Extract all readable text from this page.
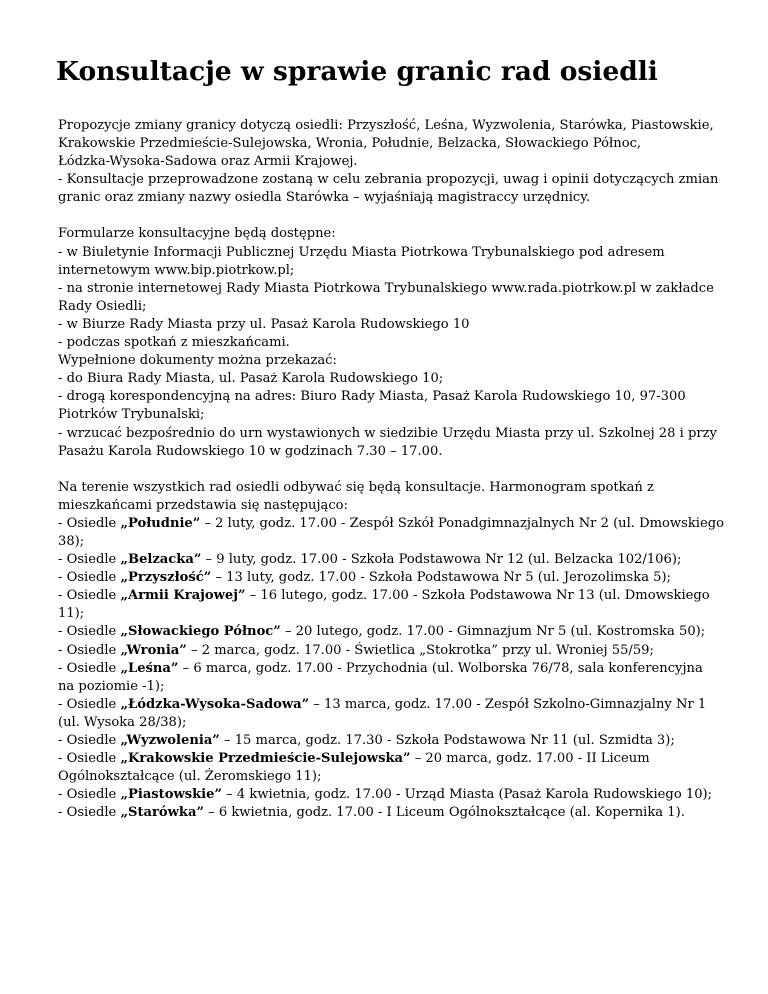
Konsultacje w sprawie granic rad osiedli
Propozycje zmiany granicy dotyczą osiedli: Przyszłość, Leśna, Wyzwolenia, Starówka, Piastowskie,
Krakowskie Przedmieście-Sulejowska, Wronia, Południe, Belzacka, Słowackiego Północ,
Łódzka-Wysoka-Sadowa oraz Armii Krajowej.
- Konsultacje przeprowadzone zostaną w celu zebrania propozycji, uwag i opinii dotyczących zmian
granic oraz zmiany nazwy osiedla Starówka – wyjaśniają magistraccy urzędnicy.
Formularze konsultacyjne będą dostępne:
- w Biuletynie Informacji Publicznej Urzędu Miasta Piotrkowa Trybunalskiego pod adresem
internetowym www.bip.piotrkow.pl;
- na stronie internetowej Rady Miasta Piotrkowa Trybunalskiego www.rada.piotrkow.pl w zakładce
Rady Osiedli;
- w Biurze Rady Miasta przy ul. Pasaż Karola Rudowskiego 10
- podczas spotkań z mieszkańcami.
Wypełnione dokumenty można przekazać:
- do Biura Rady Miasta, ul. Pasaż Karola Rudowskiego 10;
- drogą korespondencyjną na adres: Biuro Rady Miasta, Pasaż Karola Rudowskiego 10, 97-300
Piotrków Trybunalski;
- wrzucać bezpośrednio do urn wystawionych w siedzibie Urzędu Miasta przy ul. Szkolnej 28 i przy
Pasażu Karola Rudowskiego 10 w godzinach 7.30 – 17.00.
Na terenie wszystkich rad osiedli odbywać się będą konsultacje. Harmonogram spotkań z
mieszkańcami przedstawia się następująco:
- Osiedle „Południe” – 2 luty, godz. 17.00 - Zespół Szkół Ponadgimnazjalnych Nr 2 (ul. Dmowskiego
38);
- Osiedle „Belzacka” – 9 luty, godz. 17.00 - Szkoła Podstawowa Nr 12 (ul. Belzacka 102/106);
- Osiedle „Przyszłość” – 13 luty, godz. 17.00 - Szkoła Podstawowa Nr 5 (ul. Jerozolimska 5);
- Osiedle „Armii Krajowej” – 16 lutego, godz. 17.00 - Szkoła Podstawowa Nr 13 (ul. Dmowskiego
11);
- Osiedle „Słowackiego Północ” – 20 lutego, godz. 17.00 - Gimnazjum Nr 5 (ul. Kostromska 50);
- Osiedle „Wronia” – 2 marca, godz. 17.00 - Świetlica „Stokrotka” przy ul. Wroniej 55/59;
- Osiedle „Leśna” – 6 marca, godz. 17.00 - Przychodnia (ul. Wolborska 76/78, sala konferencyjna
na poziomie -1);
- Osiedle „Łódzka-Wysoka-Sadowa” – 13 marca, godz. 17.00 - Zespół Szkolno-Gimnazjalny Nr 1
(ul. Wysoka 28/38);
- Osiedle „Wyzwolenia” – 15 marca, godz. 17.30 - Szkoła Podstawowa Nr 11 (ul. Szmidta 3);
- Osiedle „Krakowskie Przedmieście-Sulejowska” – 20 marca, godz. 17.00 - II Liceum
Ogólnokształcące (ul. Żeromskiego 11);
- Osiedle „Piastowskie” – 4 kwietnia, godz. 17.00 - Urząd Miasta (Pasaż Karola Rudowskiego 10);
- Osiedle „Starówka” – 6 kwietnia, godz. 17.00 - I Liceum Ogólnokształcące (al. Kopernika 1).
